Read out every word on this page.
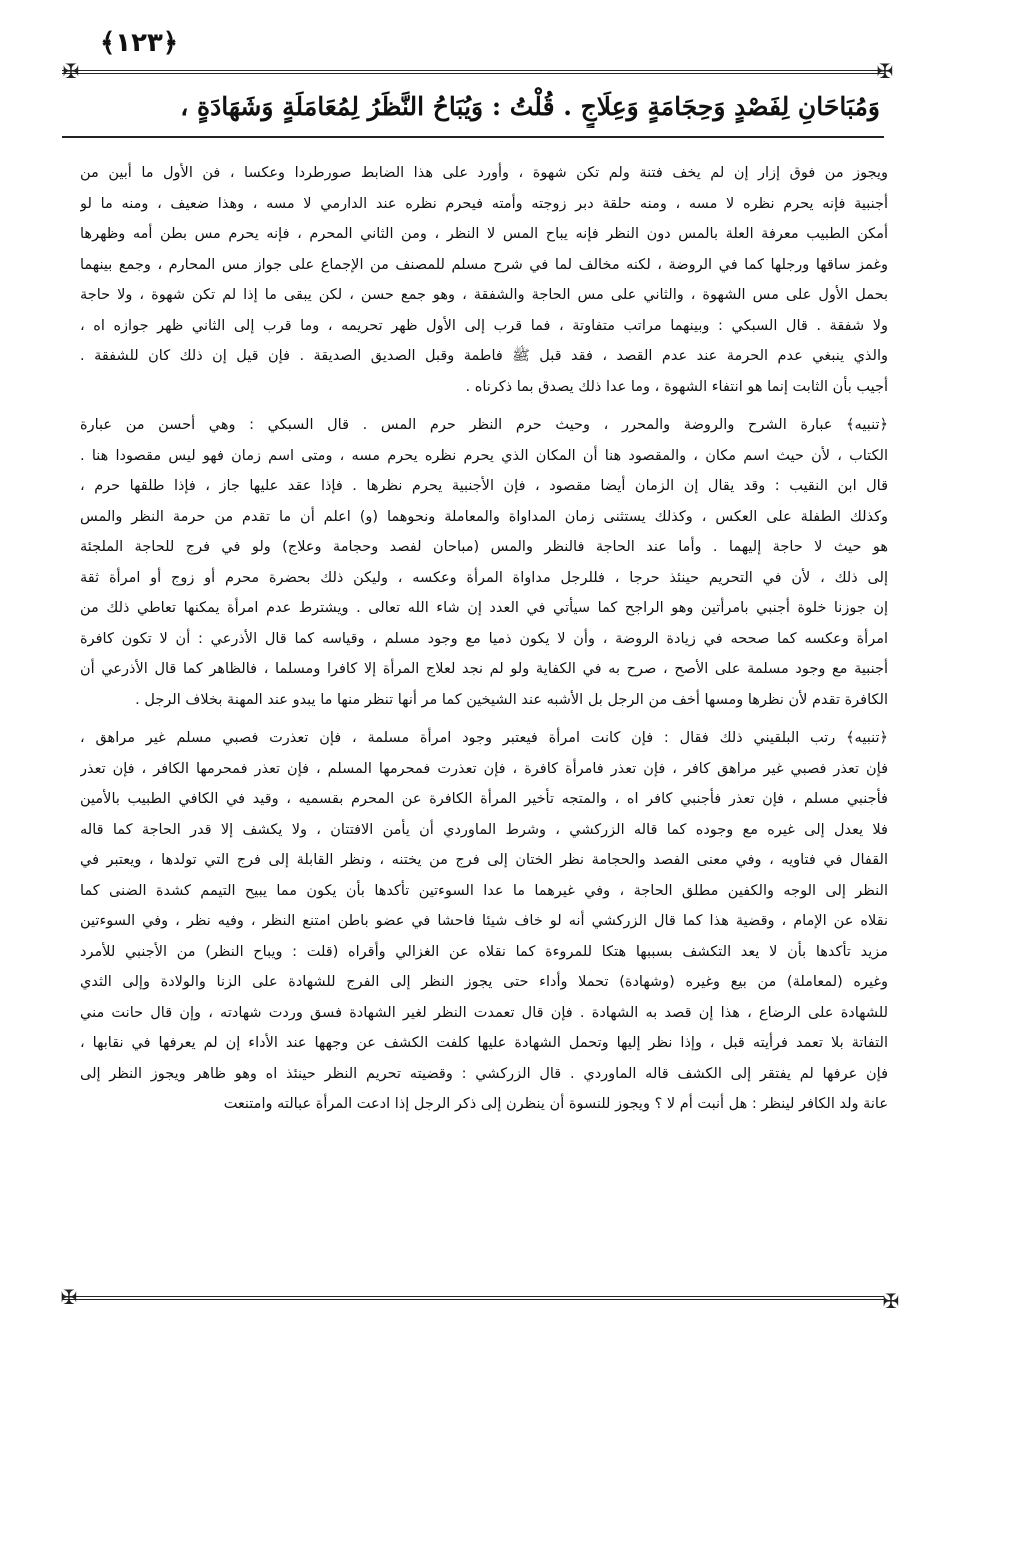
﴿١٢٣﴾
✠	✠
✠	✠
وَمُبَاحَانِ لِفَصْدٍ وَحِجَامَةٍ وَعِلَاجٍ . قُلْتُ : وَيُبَاحُ النَّظَرُ لِمُعَامَلَةٍ وَشَهَادَةٍ ،
ويجوز من فوق إزار إن لم يخف فتنة ولم تكن شهوة ، وأورد على هذا الضابط صورطردا وعكسا ، فن الأول ما أبين من
أجنبية فإنه يحرم نظره لا مسه ، ومنه حلقة دبر زوجته وأمته فيحرم نظره عند الدارمي لا مسه ، وهذا ضعيف ، ومنه ما لو
أمكن الطبيب معرفة العلة بالمس دون النظر فإنه يباح المس لا النظر ، ومن الثاني المحرم ، فإنه يحرم مس بطن أمه وظهرها
وغمز ساقها ورجلها كما في الروضة ، لكنه مخالف لما في شرح مسلم للمصنف من الإجماع على جواز مس المحارم ، وجمع بينهما
بحمل الأول على مس الشهوة ، والثاني على مس الحاجة والشفقة ، وهو جمع حسن ، لكن يبقى ما إذا لم تكن شهوة ، ولا حاجة
ولا شفقة . قال السبكي : وبينهما مراتب متفاوتة ، فما قرب إلى الأول ظهر تحريمه ، وما قرب إلى الثاني ظهر جوازه اه ،
والذي ينبغي عدم الحرمة عند عدم القصد ، فقد قبل ﷺ فاطمة وقبل الصديق الصديقة . فإن قيل إن ذلك كان للشفقة .
أجيب بأن الثابت إنما هو انتفاء الشهوة ، وما عدا ذلك يصدق بما ذكرناه .
﴿تنبيه﴾ عبارة الشرح والروضة والمحرر ، وحيث حرم النظر حرم المس . قال السبكي : وهي أحسن من عبارة
الكتاب ، لأن حيث اسم مكان ، والمقصود هنا أن المكان الذي يحرم نظره يحرم مسه ، ومتى اسم زمان فهو ليس مقصودا هنا .
قال ابن النقيب : وقد يقال إن الزمان أيضا مقصود ، فإن الأجنبية يحرم نظرها . فإذا عقد عليها جاز ، فإذا طلقها حرم ،
وكذلك الطفلة على العكس ، وكذلك يستثنى زمان المداواة والمعاملة ونحوهما (و) اعلم أن ما تقدم من حرمة النظر والمس
هو حيث لا حاجة إليهما . وأما عند الحاجة فالنظر والمس (مباحان لفصد وحجامة وعلاج) ولو في فرج للحاجة الملجئة
إلى ذلك ، لأن في التحريم حينئذ حرجا ، فللرجل مداواة المرأة وعكسه ، وليكن ذلك بحضرة محرم أو زوج أو امرأة ثقة
إن جوزنا خلوة أجنبي بامرأتين وهو الراجح كما سيأتي في العدد إن شاء الله تعالى . ويشترط عدم امرأة يمكنها تعاطي ذلك من
امرأة وعكسه كما صححه في زيادة الروضة ، وأن لا يكون ذميا مع وجود مسلم ، وقياسه كما قال الأذرعي : أن لا تكون كافرة
أجنبية مع وجود مسلمة على الأصح ، صرح به في الكفاية ولو لم نجد لعلاج المرأة إلا كافرا ومسلما ، فالظاهر كما قال الأذرعي أن
الكافرة تقدم لأن نظرها ومسها أخف من الرجل بل الأشبه عند الشيخين كما مر أنها تنظر منها ما يبدو عند المهنة بخلاف الرجل .
﴿تنبيه﴾ رتب البلقيني ذلك فقال : فإن كانت امرأة فيعتبر وجود امرأة مسلمة ، فإن تعذرت فصبي مسلم غير مراهق ،
فإن تعذر فصبي غير مراهق كافر ، فإن تعذر فامرأة كافرة ، فإن تعذرت فمحرمها المسلم ، فإن تعذر فمحرمها الكافر ، فإن تعذر
فأجنبي مسلم ، فإن تعذر فأجنبي كافر اه ، والمتجه تأخير المرأة الكافرة عن المحرم بقسميه ، وقيد في الكافي الطبيب بالأمين
فلا يعدل إلى غيره مع وجوده كما قاله الزركشي ، وشرط الماوردي أن يأمن الافتتان ، ولا يكشف إلا قدر الحاجة كما قاله
القفال في فتاويه ، وفي معنى الفصد والحجامة نظر الختان إلى فرج من يختنه ، ونظر القابلة إلى فرج التي تولدها ، ويعتبر في
النظر إلى الوجه والكفين مطلق الحاجة ، وفي غيرهما ما عدا السوءتين تأكدها بأن يكون مما يبيح التيمم كشدة الضنى كما
نقلاه عن الإمام ، وقضية هذا كما قال الزركشي أنه لو خاف شيئا فاحشا في عضو باطن امتنع النظر ، وفيه نظر ، وفي السوءتين
مزيد تأكدها بأن لا يعد التكشف بسببها هتكا للمروءة كما نقلاه عن الغزالي وأقراه (قلت : ويباح النظر) من الأجنبي للأمرد
وغيره (لمعاملة) من بيع وغيره (وشهادة) تحملا وأداء حتى يجوز النظر إلى الفرج للشهادة على الزنا والولادة وإلى الثدي
للشهادة على الرضاع ، هذا إن قصد به الشهادة . فإن قال تعمدت النظر لغير الشهادة فسق وردت شهادته ، وإن قال حانت مني
التفاتة بلا تعمد فرأيته قبل ، وإذا نظر إليها وتحمل الشهادة عليها كلفت الكشف عن وجهها عند الأداء إن لم يعرفها في نقابها ،
فإن عرفها لم يفتقر إلى الكشف قاله الماوردي . قال الزركشي : وقضيته تحريم النظر حينئذ اه وهو ظاهر ويجوز النظر إلى
عانة ولد الكافر لينظر : هل أنبت أم لا ؟ ويجوز للنسوة أن ينظرن إلى ذكر الرجل إذا ادعت المرأة عبالته وامتنعت
